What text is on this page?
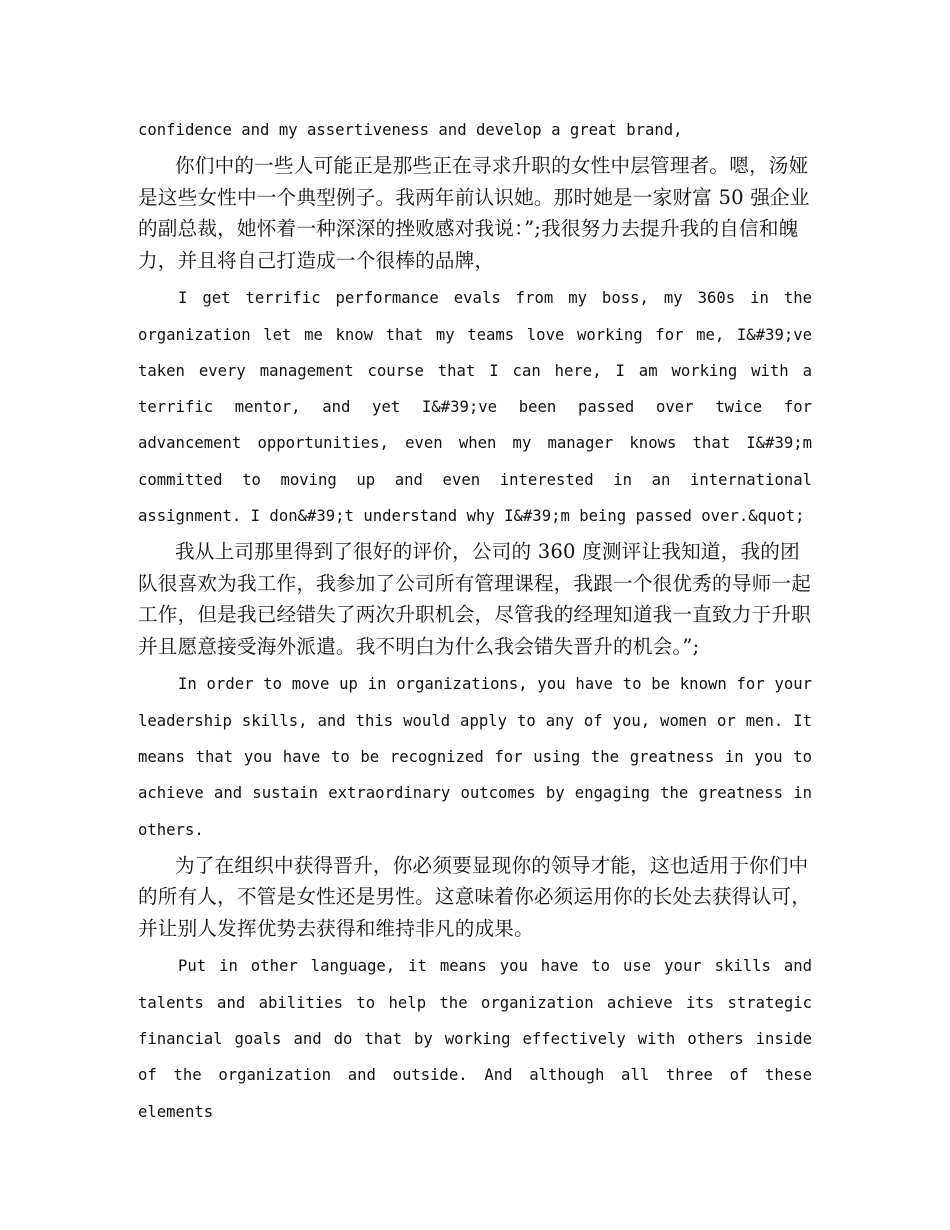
confidence and my assertiveness and develop a great brand,

你们中的一些人可能正是那些正在寻求升职的女性中层管理者。嗯，汤娅是这些女性中一个典型例子。我两年前认识她。那时她是一家财富 50 强企业的副总裁，她怀着一种深深的挫败感对我说：”;我很努力去提升我的自信和魄力，并且将自己打造成一个很棒的品牌，

I get terrific performance evals from my boss, my 360s in the organization let me know that my teams love working for me, I&#39;ve taken every management course that I can here, I am working with a terrific mentor, and yet I&#39;ve been passed over twice for advancement opportunities, even when my manager knows that I&#39;m committed to moving up and even interested in an international assignment. I don&#39;t understand why I&#39;m being passed over.&quot;

我从上司那里得到了很好的评价，公司的 360 度测评让我知道，我的团队很喜欢为我工作，我参加了公司所有管理课程，我跟一个很优秀的导师一起工作，但是我已经错失了两次升职机会，尽管我的经理知道我一直致力于升职并且愿意接受海外派遣。我不明白为什么我会错失晋升的机会。”;

In order to move up in organizations, you have to be known for your leadership skills, and this would apply to any of you, women or men. It means that you have to be recognized for using the greatness in you to achieve and sustain extraordinary outcomes by engaging the greatness in others.

为了在组织中获得晋升，你必须要显现你的领导才能，这也适用于你们中的所有人，不管是女性还是男性。这意味着你必须运用你的长处去获得认可，并让别人发挥优势去获得和维持非凡的成果。

Put in other language, it means you have to use your skills and talents and abilities to help the organization achieve its strategic financial goals and do that by working effectively with others inside of the organization and outside. And although all three of these elements
